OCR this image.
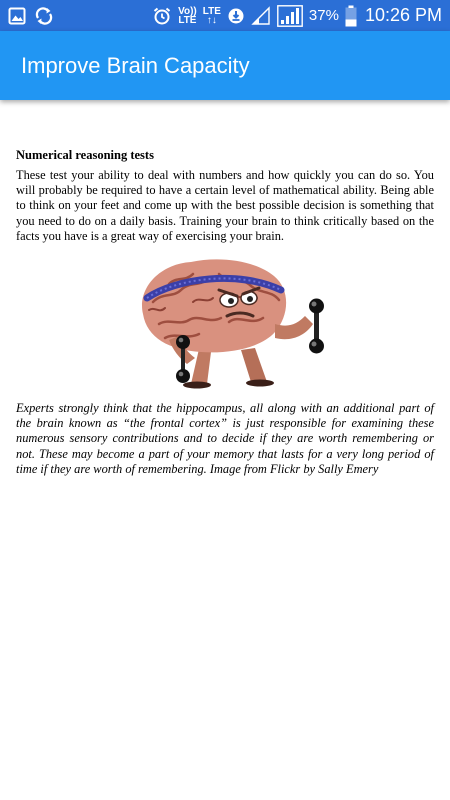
Vo))
LTE
LTE
↑↓	37% 10:26 PM
Improve Brain Capacity
Numerical reasoning tests

These test your ability to deal with numbers and how quickly you can do so. You will probably be required to have a certain level of mathematical ability. Being able to think on your feet and come up with the best possible decision is something that you need to do on a daily basis. Training your brain to think critically based on the facts you have is a great way of exercising your brain.

Experts strongly think that the hippocampus, all along with an additional part of the brain known as “the frontal cortex” is just responsible for examining these numerous sensory contributions and to decide if they are worth remembering or not. These may become a part of your memory that lasts for a very long period of time if they are worth of remembering. Image from Flickr by Sally Emery
